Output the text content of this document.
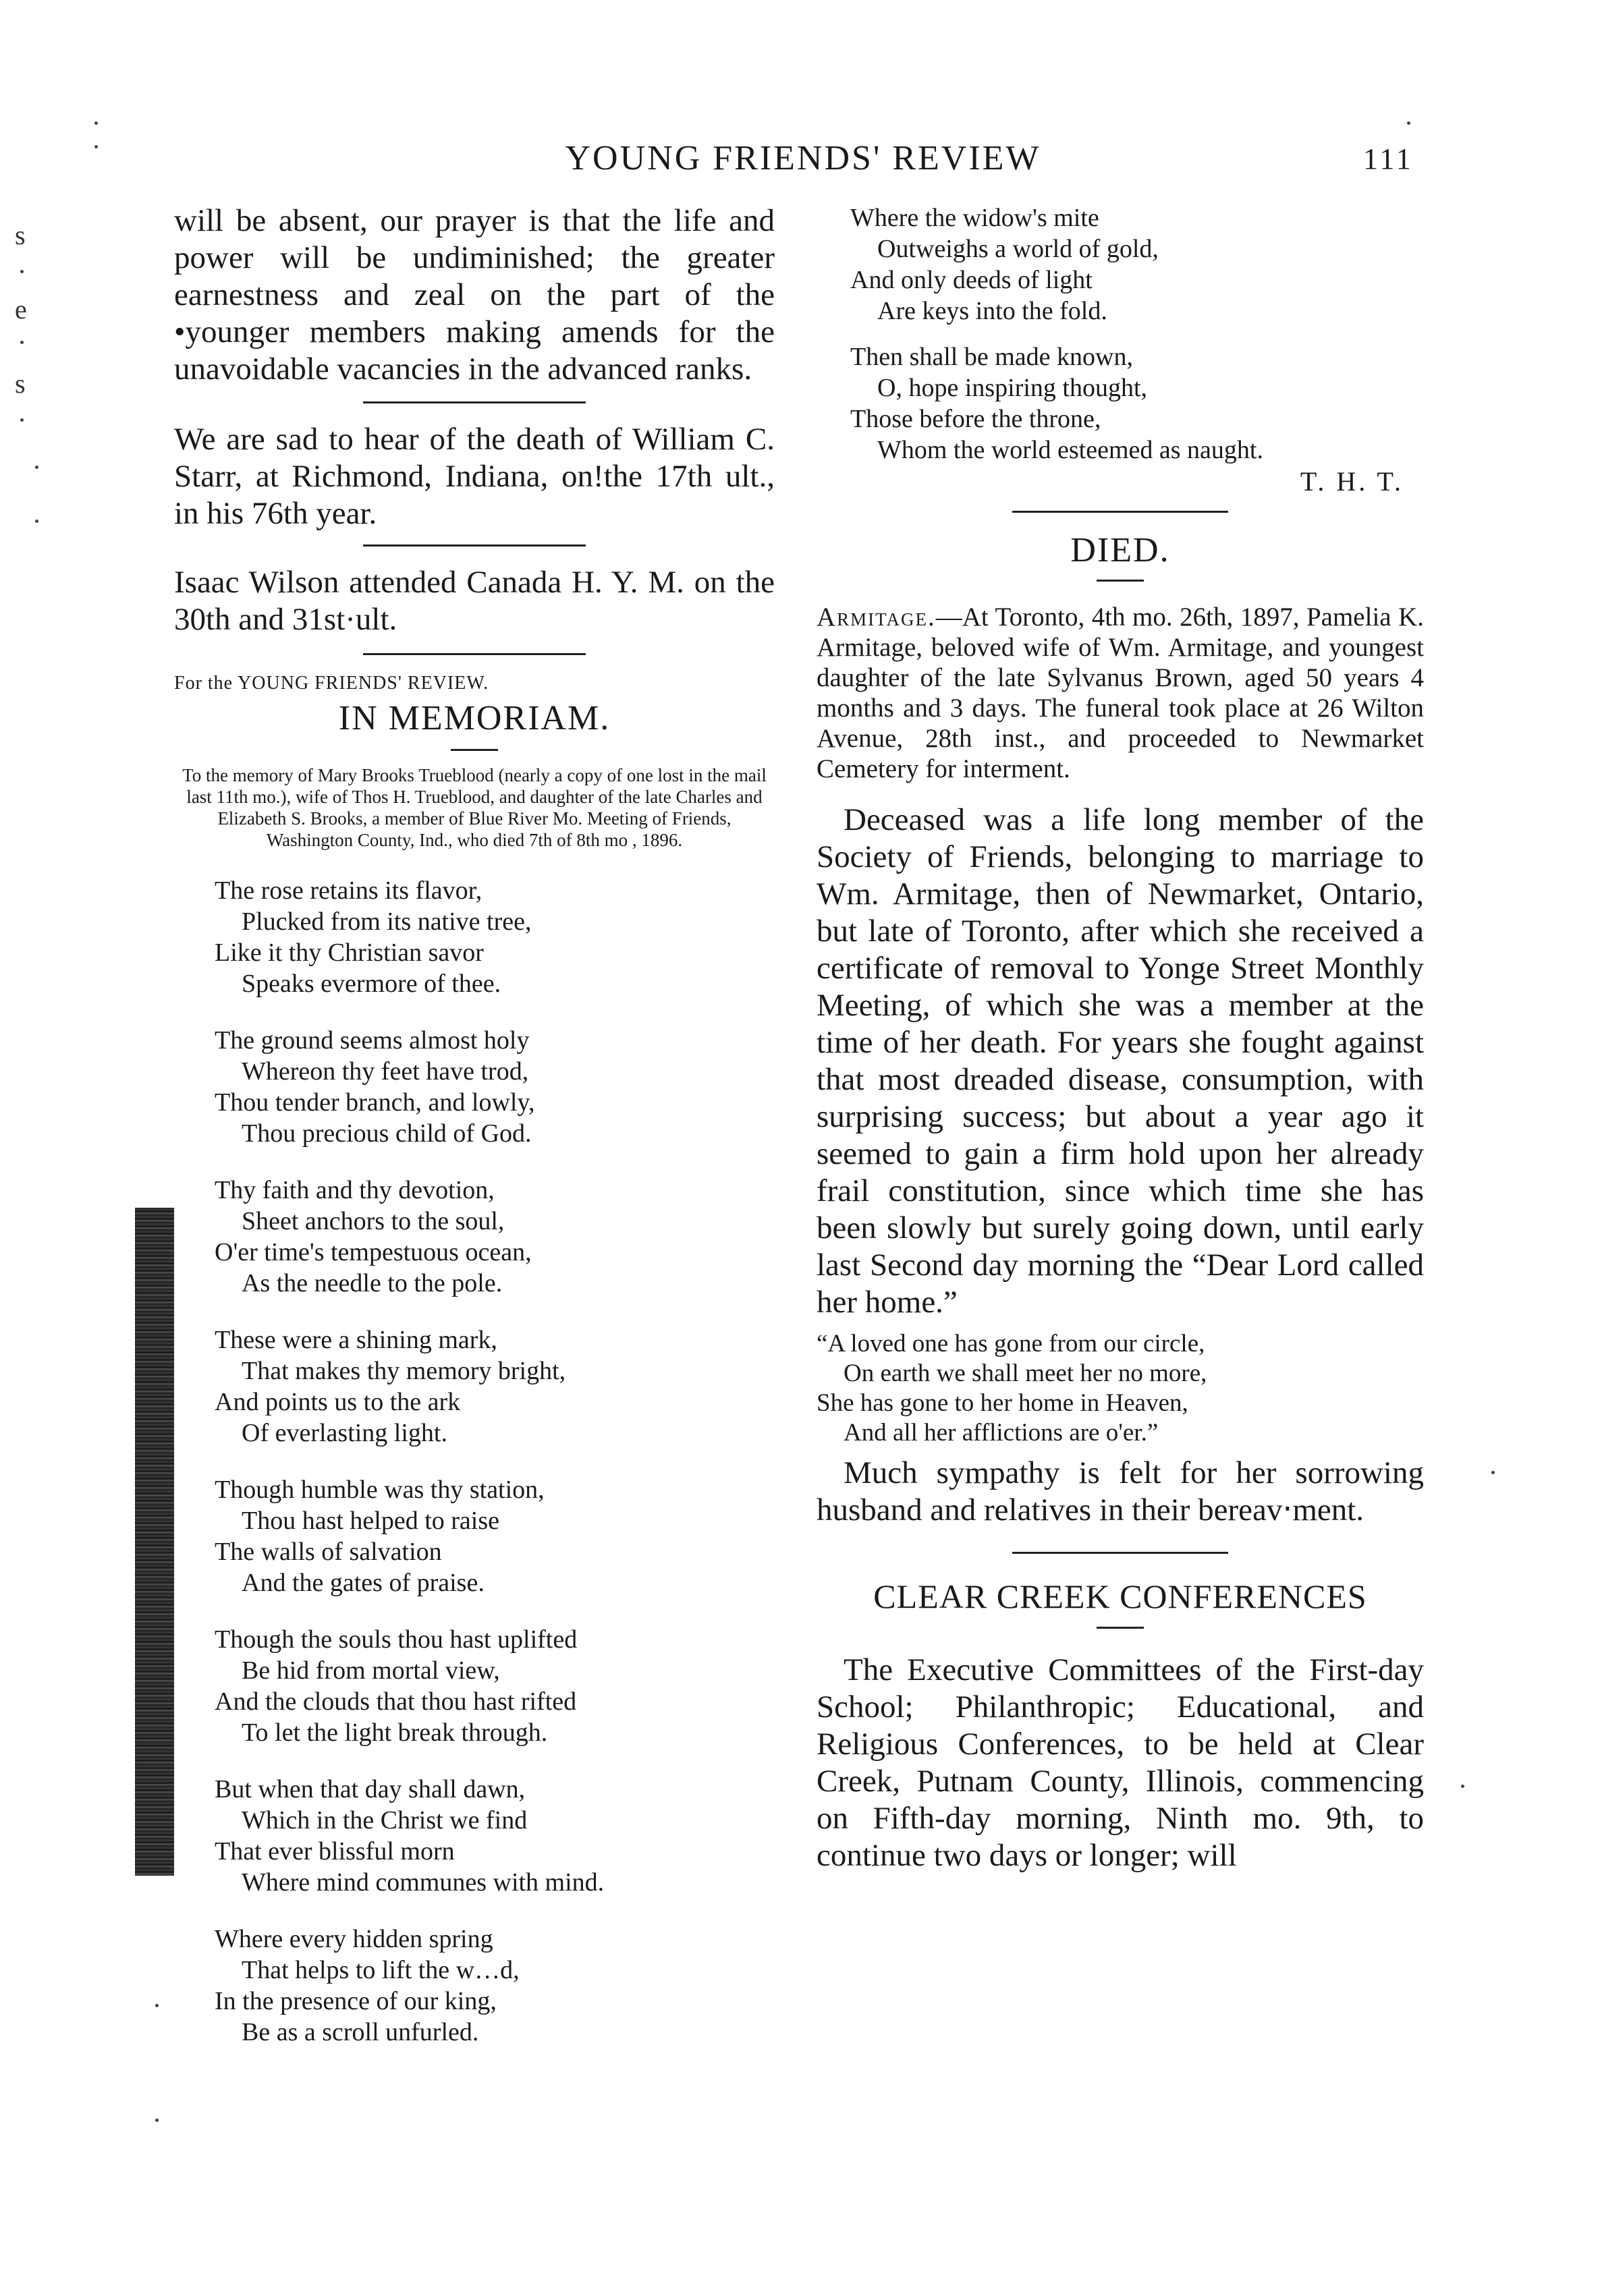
YOUNG FRIENDS' REVIEW	111
s
e
s

will be absent, our prayer is that the life and power will be undiminished; the greater earnestness and zeal on the part of the •younger members making amends for the unavoidable vacancies in the advanced ranks.

We are sad to hear of the death of William C. Starr, at Richmond, Indiana, on!the 17th ult., in his 76th year.

Isaac Wilson attended Canada H. Y. M. on the 30th and 31st·ult.

For the YOUNG FRIENDS' REVIEW.

IN MEMORIAM.

To the memory of Mary Brooks Trueblood (nearly a copy of one lost in the mail last 11th mo.), wife of Thos H. Trueblood, and daughter of the late Charles and Elizabeth S. Brooks, a member of Blue River Mo. Meeting of Friends, Washington County, Ind., who died 7th of 8th mo , 1896.

The rose retains its flavor,

Plucked from its native tree,

Like it thy Christian savor

Speaks evermore of thee.

The ground seems almost holy

Whereon thy feet have trod,

Thou tender branch, and lowly,

Thou precious child of God.

Thy faith and thy devotion,

Sheet anchors to the soul,

O'er time's tempestuous ocean,

As the needle to the pole.

These were a shining mark,

That makes thy memory bright,

And points us to the ark

Of everlasting light.

Though humble was thy station,

Thou hast helped to raise

The walls of salvation

And the gates of praise.

Though the souls thou hast uplifted

Be hid from mortal view,

And the clouds that thou hast rifted

To let the light break through.

But when that day shall dawn,

Which in the Christ we find

That ever blissful morn

Where mind communes with mind.

Where every hidden spring

That helps to lift the w…d,

In the presence of our king,

Be as a scroll unfurled.

Where the widow's mite

Outweighs a world of gold,

And only deeds of light

Are keys into the fold.

Then shall be made known,

O, hope inspiring thought,

Those before the throne,

Whom the world esteemed as naught.

T. H. T.

DIED.

Armitage.—At Toronto, 4th mo. 26th, 1897, Pamelia K. Armitage, beloved wife of Wm. Armitage, and youngest daughter of the late Sylvanus Brown, aged 50 years 4 months and 3 days. The funeral took place at 26 Wilton Avenue, 28th inst., and proceeded to Newmarket Cemetery for interment.

Deceased was a life long member of the Society of Friends, belonging to marriage to Wm. Armitage, then of Newmarket, Ontario, but late of Toronto, after which she received a certificate of removal to Yonge Street Monthly Meeting, of which she was a member at the time of her death. For years she fought against that most dreaded disease, consumption, with surprising success; but about a year ago it seemed to gain a firm hold upon her already frail constitution, since which time she has been slowly but surely going down, until early last Second day morning the “Dear Lord called her home.”

“A loved one has gone from our circle,

On earth we shall meet her no more,

She has gone to her home in Heaven,

And all her afflictions are o'er.”

Much sympathy is felt for her sorrowing husband and relatives in their bereav‧ment.

CLEAR CREEK CONFERENCES

The Executive Committees of the First-day School; Philanthropic; Educational, and Religious Conferences, to be held at Clear Creek, Putnam County, Illinois, commencing on Fifth-day morning, Ninth mo. 9th, to continue two days or longer; will
